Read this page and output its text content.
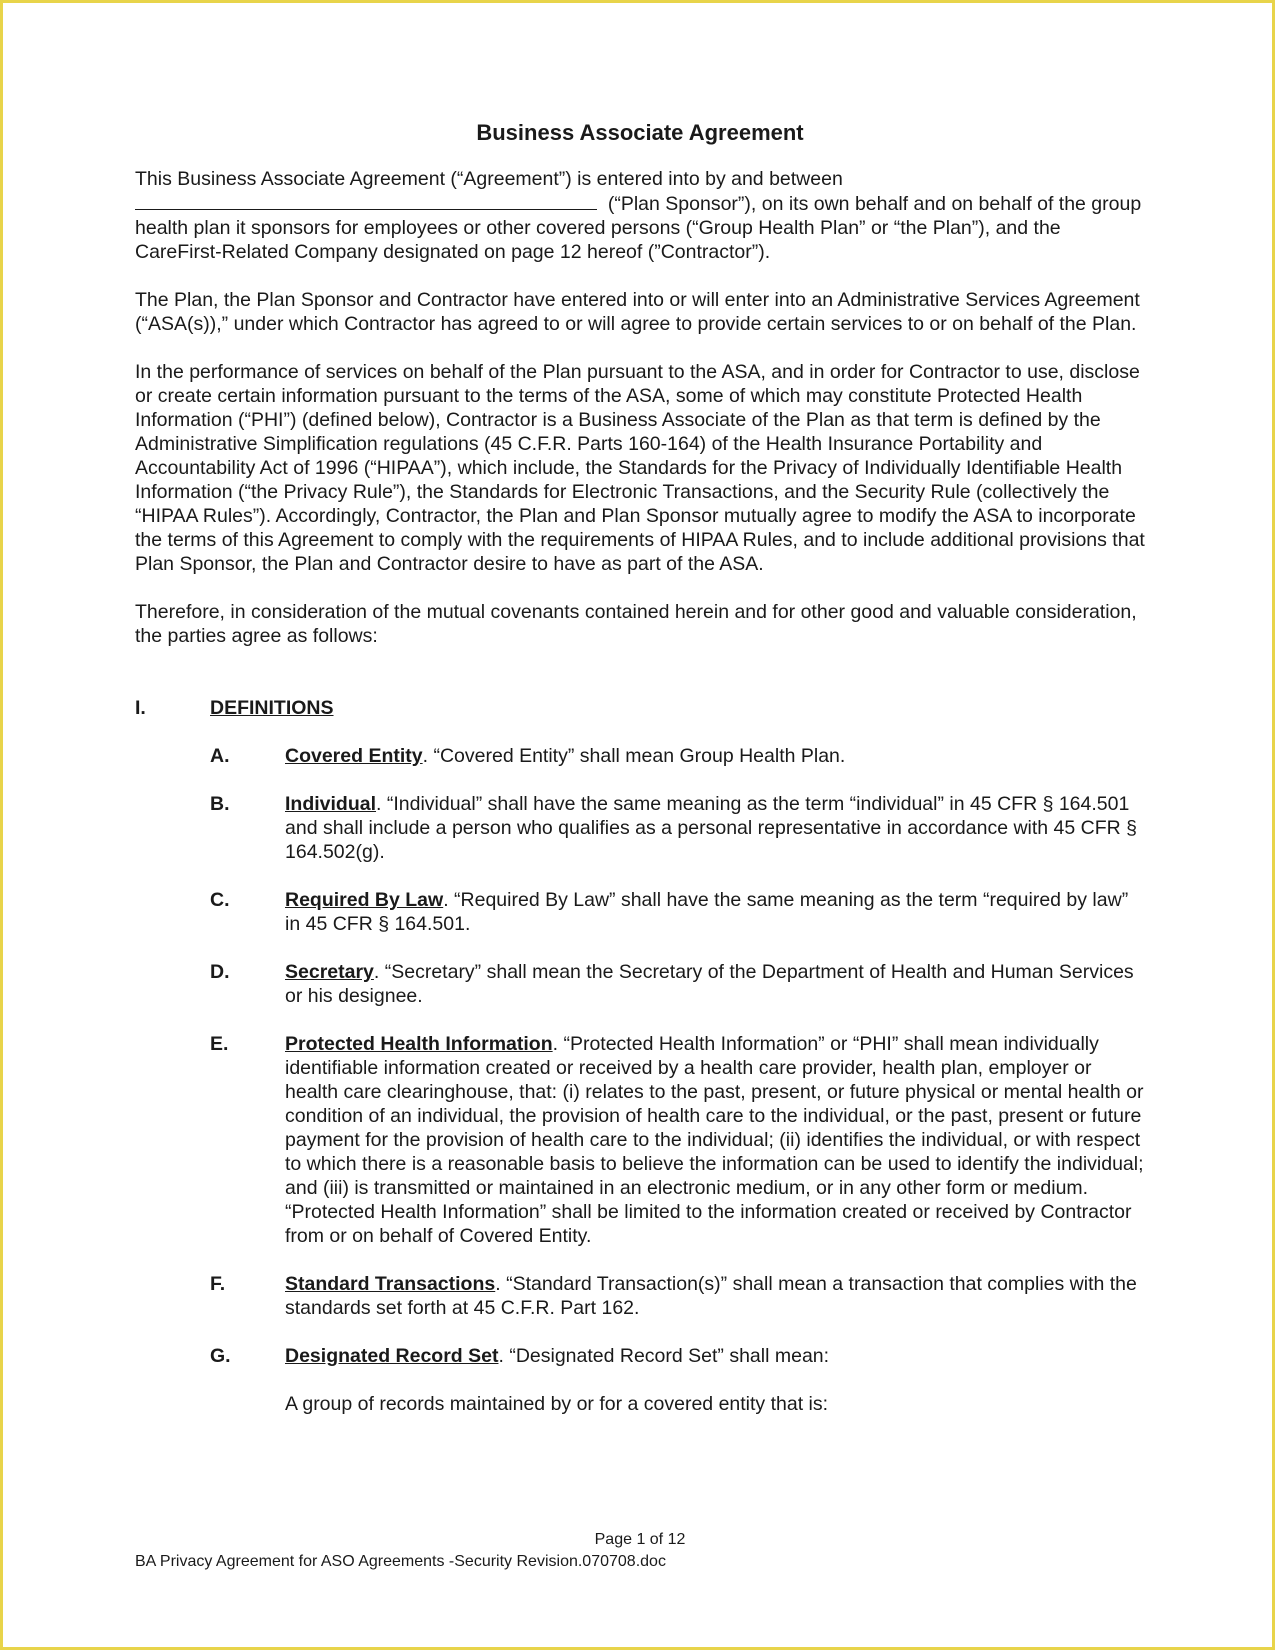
Business Associate Agreement

This Business Associate Agreement (“Agreement”) is entered into by and between
(“Plan Sponsor”), on its own behalf and on behalf of the group health plan it sponsors for employees or other covered persons (“Group Health Plan” or “the Plan”), and the CareFirst-Related Company designated on page 12 hereof (”Contractor”).

The Plan, the Plan Sponsor and Contractor have entered into or will enter into an Administrative Services Agreement (“ASA(s)),” under which Contractor has agreed to or will agree to provide certain services to or on behalf of the Plan.

In the performance of services on behalf of the Plan pursuant to the ASA, and in order for Contractor to use, disclose or create certain information pursuant to the terms of the ASA, some of which may constitute Protected Health Information (“PHI”) (defined below), Contractor is a Business Associate of the Plan as that term is defined by the Administrative Simplification regulations (45 C.F.R. Parts 160-164) of the Health Insurance Portability and Accountability Act of 1996 (“HIPAA”), which include, the Standards for the Privacy of Individually Identifiable Health Information (“the Privacy Rule”), the Standards for Electronic Transactions, and the Security Rule (collectively the “HIPAA Rules”). Accordingly, Contractor, the Plan and Plan Sponsor mutually agree to modify the ASA to incorporate the terms of this Agreement to comply with the requirements of HIPAA Rules, and to include additional provisions that Plan Sponsor, the Plan and Contractor desire to have as part of the ASA.

Therefore, in consideration of the mutual covenants contained herein and for other good and valuable consideration, the parties agree as follows:

I.	DEFINITIONS
A.	Covered Entity. “Covered Entity” shall mean Group Health Plan.
B.	Individual. “Individual” shall have the same meaning as the term “individual” in 45 CFR § 164.501 and shall include a person who qualifies as a personal representative in accordance with 45 CFR § 164.502(g).
C.	Required By Law. “Required By Law” shall have the same meaning as the term “required by law” in 45 CFR § 164.501.
D.	Secretary. “Secretary” shall mean the Secretary of the Department of Health and Human Services or his designee.
E.	Protected Health Information. “Protected Health Information” or “PHI” shall mean individually identifiable information created or received by a health care provider, health plan, employer or health care clearinghouse, that: (i) relates to the past, present, or future physical or mental health or condition of an individual, the provision of health care to the individual, or the past, present or future payment for the provision of health care to the individual; (ii) identifies the individual, or with respect to which there is a reasonable basis to believe the information can be used to identify the individual; and (iii) is transmitted or maintained in an electronic medium, or in any other form or medium. “Protected Health Information” shall be limited to the information created or received by Contractor from or on behalf of Covered Entity.
F.	Standard Transactions. “Standard Transaction(s)” shall mean a transaction that complies with the standards set forth at 45 C.F.R. Part 162.
G.	Designated Record Set. “Designated Record Set” shall mean:
A group of records maintained by or for a covered entity that is:
Page 1 of 12
BA Privacy Agreement for ASO Agreements -Security Revision.070708.doc
